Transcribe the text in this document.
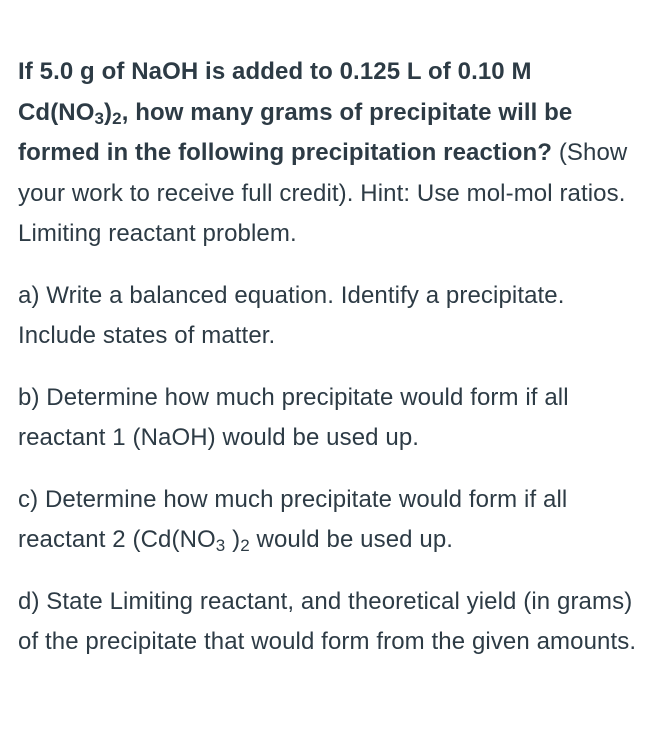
If 5.0 g of NaOH is added to 0.125 L of 0.10 M $Cd(NO_3)_2$, how many grams of precipitate will be formed in the following precipitation reaction? (Show your work to receive full credit). Hint: Use mol-mol ratios. Limiting reactant problem.

a) Write a balanced equation. Identify a precipitate. Include states of matter.

b) Determine how much precipitate would form if all reactant 1 (NaOH) would be used up.

c) Determine how much precipitate would form if all reactant 2 ($Cd(NO_3$ )$_2$ would be used up.

d) State Limiting reactant, and theoretical yield (in grams) of the precipitate that would form from the given amounts.
